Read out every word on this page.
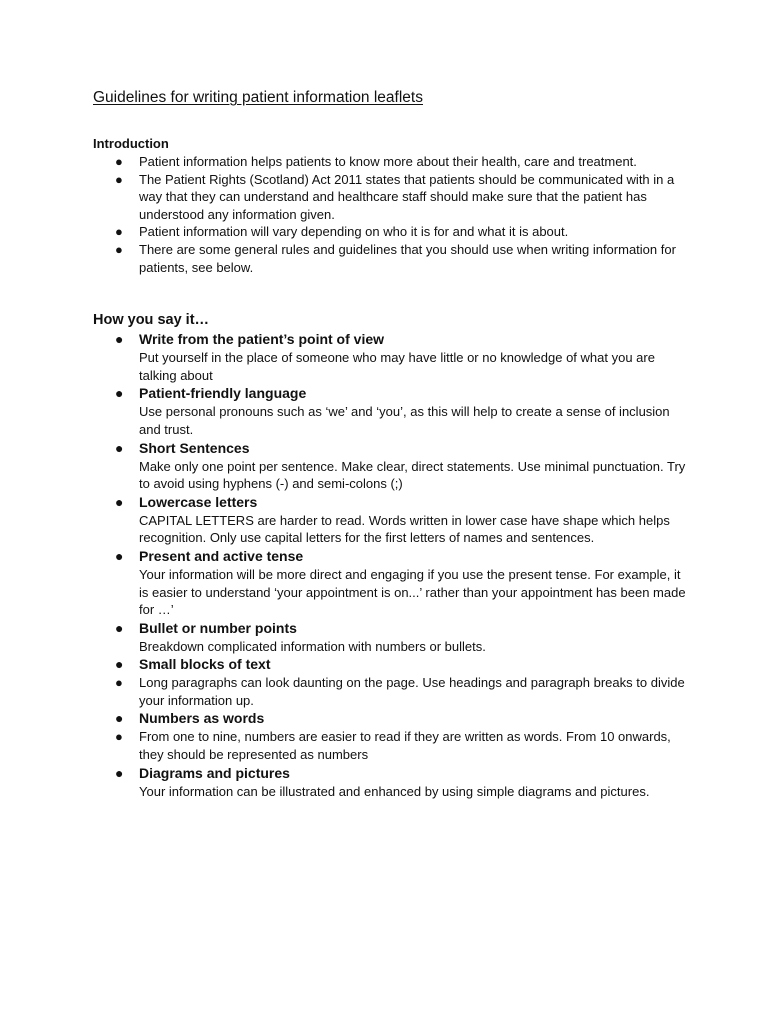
Guidelines for writing patient information leaflets
Introduction
● Patient information helps patients to know more about their health, care and treatment.
● The Patient Rights (Scotland) Act 2011 states that patients should be communicated with in a way that they can understand and healthcare staff should make sure that the patient has understood any information given.
● Patient information will vary depending on who it is for and what it is about.
● There are some general rules and guidelines that you should use when writing information for patients, see below.
How you say it…
● Write from the patient’s point of view
Put yourself in the place of someone who may have little or no knowledge of what you are talking about
● Patient-friendly language
Use personal pronouns such as ‘we’ and ‘you’, as this will help to create a sense of inclusion and trust.
● Short Sentences
Make only one point per sentence. Make clear, direct statements. Use minimal punctuation. Try to avoid using hyphens (-) and semi-colons (;)
● Lowercase letters
CAPITAL LETTERS are harder to read. Words written in lower case have shape which helps recognition. Only use capital letters for the first letters of names and sentences.
● Present and active tense
Your information will be more direct and engaging if you use the present tense. For example, it is easier to understand ‘your appointment is on...’ rather than your appointment has been made for …’
● Bullet or number points
Breakdown complicated information with numbers or bullets.
● Small blocks of text
● Long paragraphs can look daunting on the page. Use headings and paragraph breaks to divide your information up.
● Numbers as words
● From one to nine, numbers are easier to read if they are written as words. From 10 onwards, they should be represented as numbers
● Diagrams and pictures
Your information can be illustrated and enhanced by using simple diagrams and pictures.
